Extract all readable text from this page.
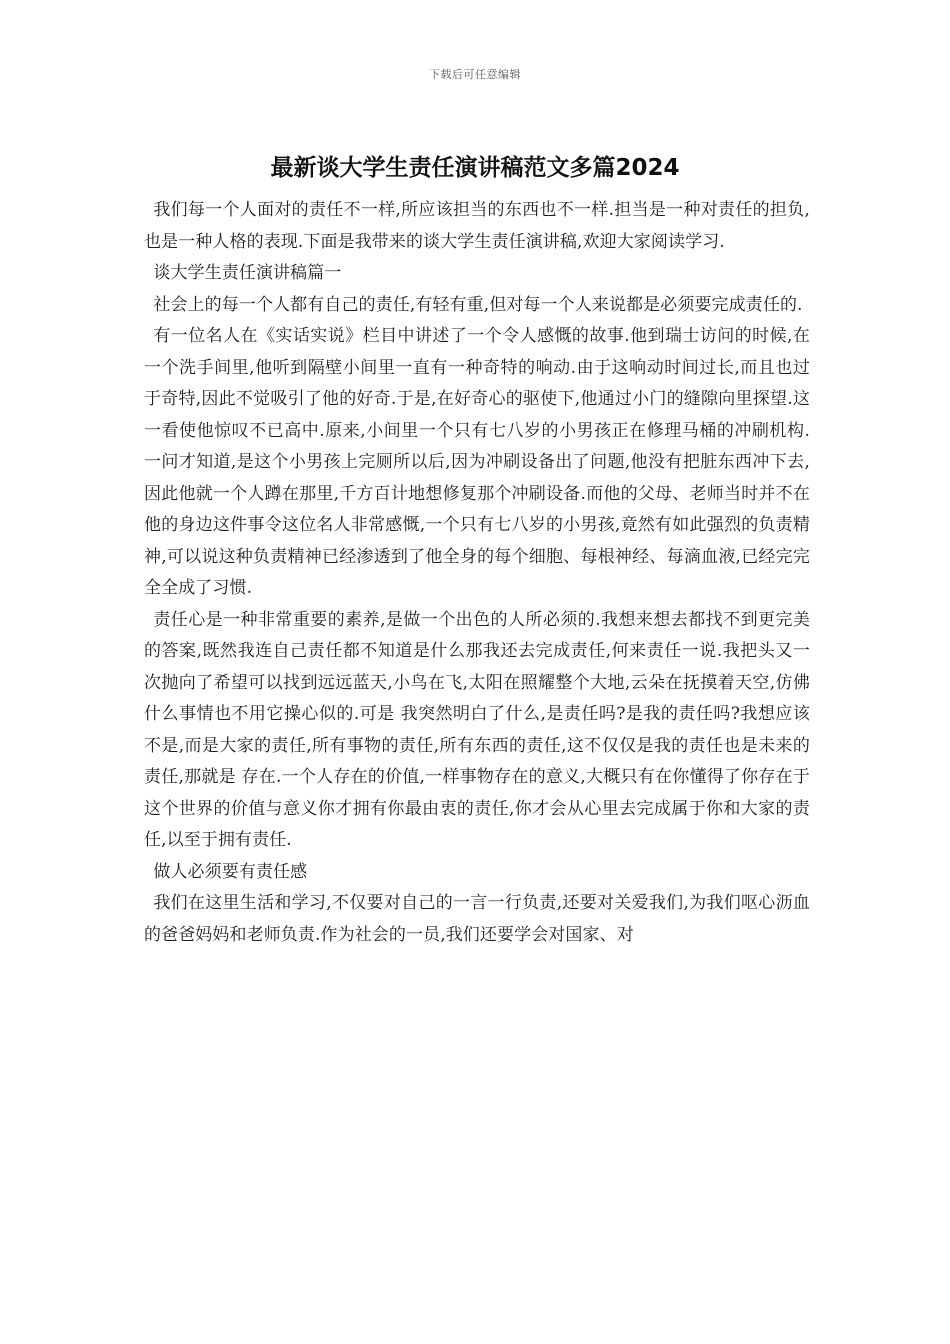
下载后可任意编辑
最新谈大学生责任演讲稿范文多篇2024

我们每一个人面对的责任不一样,所应该担当的东西也不一样.担当是一种对责任的担负,也是一种人格的表现.下面是我带来的谈大学生责任演讲稿,欢迎大家阅读学习.

谈大学生责任演讲稿篇一

社会上的每一个人都有自己的责任,有轻有重,但对每一个人来说都是必须要完成责任的.

有一位名人在《实话实说》栏目中讲述了一个令人感慨的故事.他到瑞士访问的时候,在一个洗手间里,他听到隔壁小间里一直有一种奇特的响动.由于这响动时间过长,而且也过于奇特,因此不觉吸引了他的好奇.于是,在好奇心的驱使下,他通过小门的缝隙向里探望.这一看使他惊叹不已高中.原来,小间里一个只有七八岁的小男孩正在修理马桶的冲刷机构.一问才知道,是这个小男孩上完厕所以后,因为冲刷设备出了问题,他没有把脏东西冲下去,因此他就一个人蹲在那里,千方百计地想修复那个冲刷设备.而他的父母、老师当时并不在他的身边这件事令这位名人非常感慨,一个只有七八岁的小男孩,竟然有如此强烈的负责精神,可以说这种负责精神已经渗透到了他全身的每个细胞、每根神经、每滴血液,已经完完全全成了习惯.

责任心是一种非常重要的素养,是做一个出色的人所必须的.我想来想去都找不到更完美的答案,既然我连自己责任都不知道是什么那我还去完成责任,何来责任一说.我把头又一次抛向了希望可以找到远远蓝天,小鸟在飞,太阳在照耀整个大地,云朵在抚摸着天空,仿佛什么事情也不用它操心似的.可是 我突然明白了什么,是责任吗?是我的责任吗?我想应该不是,而是大家的责任,所有事物的责任,所有东西的责任,这不仅仅是我的责任也是未来的责任,那就是 存在.一个人存在的价值,一样事物存在的意义,大概只有在你懂得了你存在于这个世界的价值与意义你才拥有你最由衷的责任,你才会从心里去完成属于你和大家的责任,以至于拥有责任.

做人必须要有责任感

我们在这里生活和学习,不仅要对自己的一言一行负责,还要对关爱我们,为我们呕心沥血的爸爸妈妈和老师负责.作为社会的一员,我们还要学会对国家、对
